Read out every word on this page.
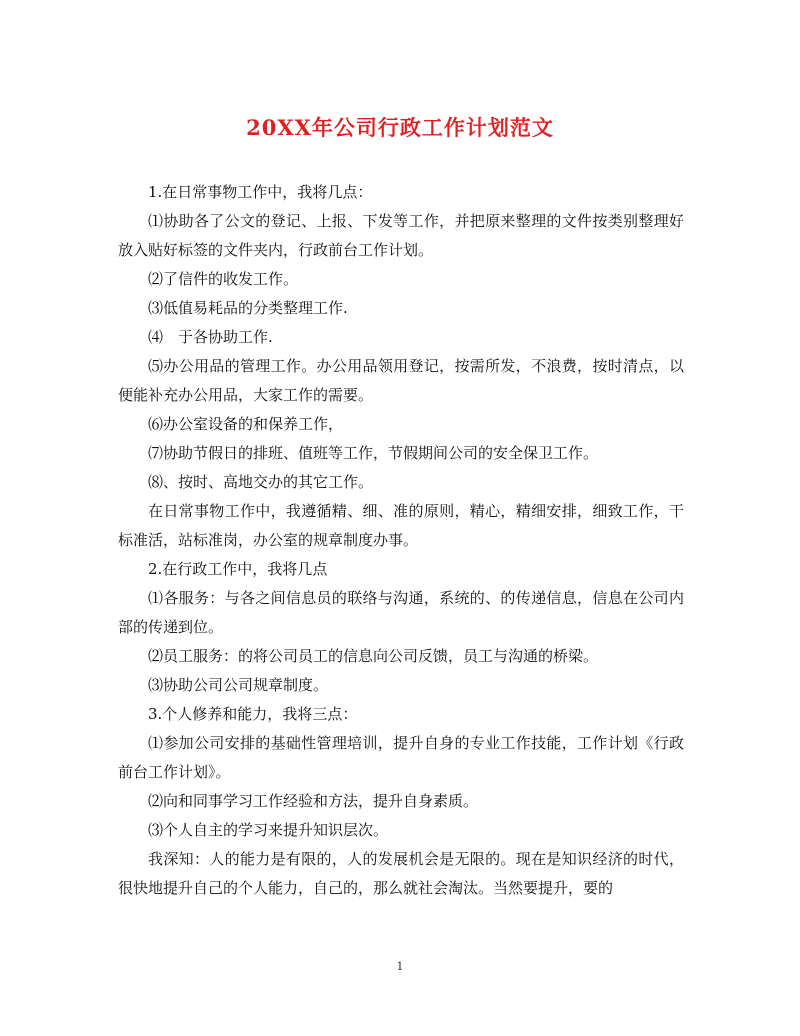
20XX年公司行政工作计划范文

1.在日常事物工作中，我将几点：

⑴协助各了公文的登记、上报、下发等工作，并把原来整理的文件按类别整理好放入贴好标签的文件夹内，行政前台工作计划。

⑵了信件的收发工作。

⑶低值易耗品的分类整理工作.

⑷　于各协助工作.

⑸办公用品的管理工作。办公用品领用登记，按需所发，不浪费，按时清点，以便能补充办公用品，大家工作的需要。

⑹办公室设备的和保养工作，

⑺协助节假日的排班、值班等工作，节假期间公司的安全保卫工作。

⑻、按时、高地交办的其它工作。

在日常事物工作中，我遵循精、细、准的原则，精心，精细安排，细致工作，干标准活，站标准岗，办公室的规章制度办事。

2.在行政工作中，我将几点

⑴各服务：与各之间信息员的联络与沟通，系统的、的传递信息，信息在公司内部的传递到位。

⑵员工服务：的将公司员工的信息向公司反馈，员工与沟通的桥梁。

⑶协助公司公司规章制度。

3.个人修养和能力，我将三点：

⑴参加公司安排的基础性管理培训，提升自身的专业工作技能，工作计划《行政前台工作计划》。

⑵向和同事学习工作经验和方法，提升自身素质。

⑶个人自主的学习来提升知识层次。

我深知：人的能力是有限的，人的发展机会是无限的。现在是知识经济的时代，很快地提升自己的个人能力，自己的，那么就社会淘汰。当然要提升，要的

1
